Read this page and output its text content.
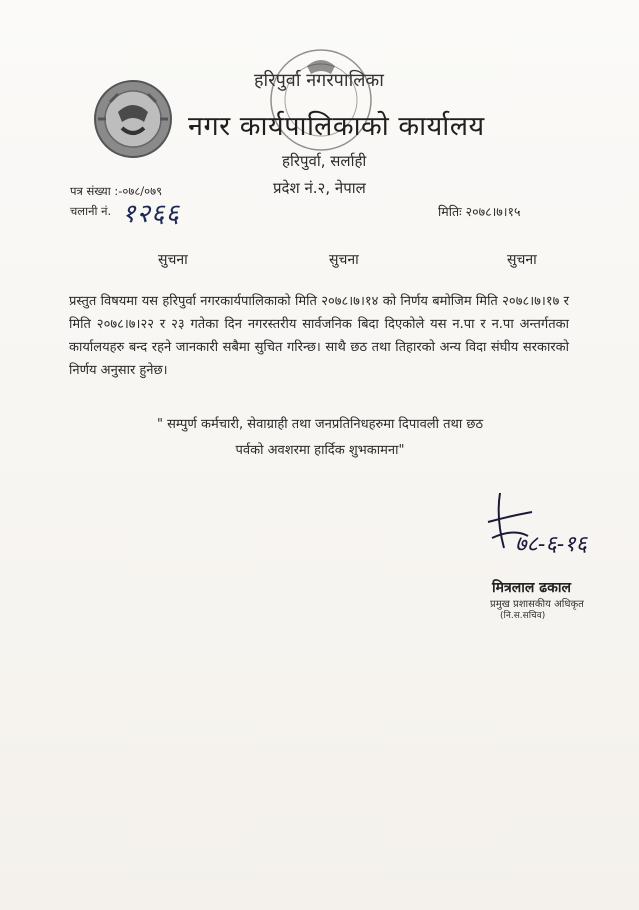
हरिपुर्वा नगरपालिका
नगर कार्यपालिकाको कार्यालय
हरिपुर्वा, सर्लाही
प्रदेश नं.२, नेपाल
पत्र संख्या :-०७८/०७९
चलानी नं. १२६६	मितिः २०७८।७।१५
सुचना	सुचना	सुचना
प्रस्तुत विषयमा यस हरिपुर्वा नगरकार्यपालिकाको मिति २०७८।७।१४ को निर्णय बमोजिम मिति २०७८।७।१७ र मिति २०७८।७।२२ र २३ गतेका दिन नगरस्तरीय सार्वजनिक बिदा दिएकोले यस न.पा र न.पा अन्तर्गतका कार्यालयहरु बन्द रहने जानकारी सबैमा सुचित गरिन्छ। साथै छठ तथा तिहारको अन्य विदा संघीय सरकारको निर्णय अनुसार हुनेछ।
" सम्पुर्ण कर्मचारी, सेवाग्राही तथा जनप्रतिनिधहरुमा दिपावली तथा छठ
पर्वको अवशरमा हार्दिक शुभकामना"
७८-६-१६
मित्रलाल ढकाल
प्रमुख प्रशासकीय अधिकृत
(नि.स.सचिव)
